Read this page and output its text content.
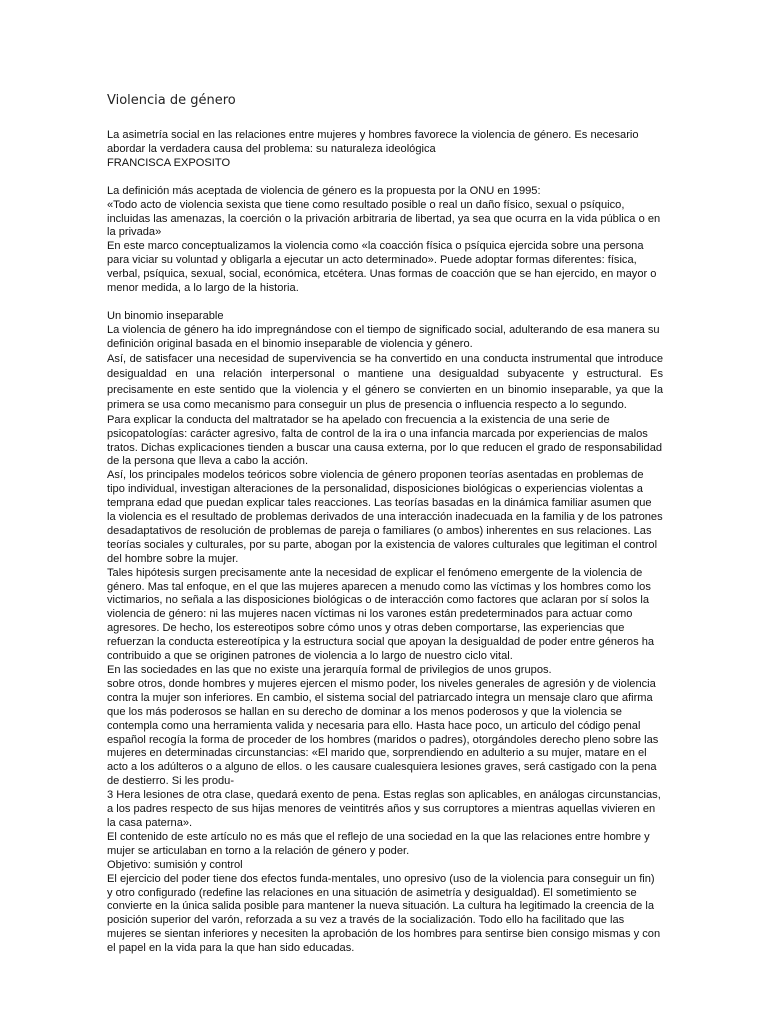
Violencia de género

La asimetría social en las relaciones entre mujeres y hombres favorece la violencia de género. Es necesario abordar la verdadera causa del problema: su naturaleza ideológica

FRANCISCA EXPOSITO

La definición más aceptada de violencia de género es la propuesta por la ONU en 1995:

«Todo acto de violencia sexista que tiene como resultado posible o real un daño físico, sexual o psíquico, incluidas las amenazas, la coerción o la privación arbitraria de libertad, ya sea que ocurra en la vida pública o en la privada»

En este marco conceptualizamos la violencia como «la coacción física o psíquica ejercida sobre una persona para viciar su voluntad y obligarla a ejecutar un acto determinado». Puede adoptar formas diferentes: física, verbal, psíquica, sexual, social, económica, etcétera. Unas formas de coacción que se han ejercido, en mayor o menor medida, a lo largo de la historia.

Un binomio inseparable

La violencia de género ha ido impregnándose con el tiempo de significado social, adulterando de esa manera su definición original basada en el binomio inseparable de violencia y género.

Así, de satisfacer una necesidad de supervivencia se ha convertido en una conducta instrumental que introduce desigualdad en una relación interpersonal o mantiene una desigualdad subyacente y estructural. Es precisamente en este sentido que la violencia y el género se convierten en un binomio inseparable, ya que la primera se usa como mecanismo para conseguir un plus de presencia o influencia respecto a lo segundo.

Para explicar la conducta del maltratador se ha apelado con frecuencia a la existencia de una serie de psicopatologías: carácter agresivo, falta de control de la ira o una infancia marcada por experiencias de malos tratos. Dichas explicaciones tienden a buscar una causa externa, por lo que reducen el grado de responsabilidad de la persona que lleva a cabo la acción.

Así, los principales modelos teóricos sobre violencia de género proponen teorías asentadas en problemas de tipo individual, investigan alteraciones de la personalidad, disposiciones biológicas o experiencias violentas a temprana edad que puedan explicar tales reacciones. Las teorías basadas en la dinámica familiar asumen que la violencia es el resultado de problemas derivados de una interacción inadecuada en la familia y de los patrones desadaptativos de resolución de problemas de pareja o familiares (o ambos) inherentes en sus relaciones. Las teorías sociales y culturales, por su parte, abogan por la existencia de valores culturales que legitiman el control del hombre sobre la mujer.

Tales hipótesis surgen precisamente ante la necesidad de explicar el fenómeno emergente de la violencia de género. Mas tal enfoque, en el que las mujeres aparecen a menudo como las víctimas y los hombres como los victimarios, no señala a las disposiciones biológicas o de interacción como factores que aclaran por sí solos la violencia de género: ni las mujeres nacen víctimas ni los varones están predeterminados para actuar como agresores. De hecho, los estereotipos sobre cómo unos y otras deben comportarse, las experiencias que refuerzan la conducta estereotípica y la estructura social que apoyan la desigualdad de poder entre géneros ha contribuido a que se originen patrones de violencia a lo largo de nuestro ciclo vital.

En las sociedades en las que no existe una jerarquía formal de privilegios de unos grupos.

sobre otros, donde hombres y mujeres ejercen el mismo poder, los niveles generales de agresión y de violencia contra la mujer son inferiores. En cambio, el sistema social del patriarcado integra un mensaje claro que afirma que los más poderosos se hallan en su derecho de dominar a los menos poderosos y que la violencia se contempla como una herramienta valida y necesaria para ello. Hasta hace poco, un articulo del código penal español recogía la forma de proceder de los hombres (maridos o padres), otorgándoles derecho pleno sobre las mujeres en determinadas circunstancias: «El marido que, sorprendiendo en adulterio a su mujer, matare en el acto a los adúlteros o a alguno de ellos. o les causare cualesquiera lesiones graves, será castigado con la pena de destierro. Si les produ-

3 Hera lesiones de otra clase, quedará exento de pena. Estas reglas son aplicables, en análogas circunstancias, a los padres respecto de sus hijas menores de veintitrés años y sus corruptores a mientras aquellas vivieren en la casa paterna».

El contenido de este artículo no es más que el reflejo de una sociedad en la que las relaciones entre hombre y mujer se articulaban en torno a la relación de género y poder.

Objetivo: sumisión y control

El ejercicio del poder tiene dos efectos funda-mentales, uno opresivo (uso de la violencia para conseguir un fin) y otro configurado (redefine las relaciones en una situación de asimetría y desigualdad). El sometimiento se convierte en la única salida posible para mantener la nueva situación. La cultura ha legitimado la creencia de la posición superior del varón, reforzada a su vez a través de la socialización. Todo ello ha facilitado que las mujeres se sientan inferiores y necesiten la aprobación de los hombres para sentirse bien consigo mismas y con el papel en la vida para la que han sido educadas.
